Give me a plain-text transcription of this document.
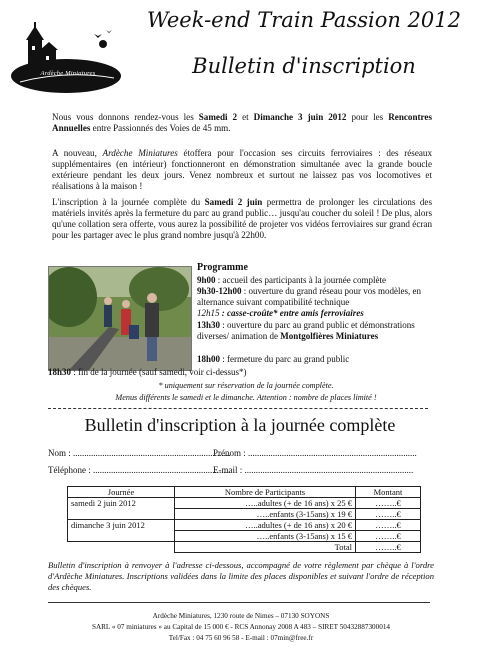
Ardèche Miniatures
Week-end Train Passion 2012
Bulletin d'inscription
Nous vous donnons rendez-vous les Samedi 2 et Dimanche 3 juin 2012 pour les Rencontres Annuelles entre Passionnés des Voies de 45 mm.
A nouveau, Ardèche Miniatures étoffera pour l'occasion ses circuits ferroviaires : des réseaux supplémentaires (en intérieur) fonctionneront en démonstration simultanée avec la grande boucle extérieure pendant les deux jours. Venez nombreux et surtout ne laissez pas vos locomotives et réalisations à la maison !
L'inscription à la journée complète du Samedi 2 juin permettra de prolonger les circulations des matériels invités après la fermeture du parc au grand public… jusqu'au coucher du soleil ! De plus, alors qu'une collation sera offerte, vous aurez la possibilité de projeter vos vidéos ferroviaires sur grand écran pour les partager avec le plus grand nombre jusqu'à 22h00.
Programme
9h00 : accueil des participants à la journée complète
9h30-12h00 : ouverture du grand réseau pour vos modèles, en alternance suivant compatibilité technique
12h15 : casse-croûte* entre amis ferroviaires
13h30 : ouverture du parc au grand public et démonstrations diverses/ animation de Montgolfières Miniatures
18h00 : fermeture du parc au grand public
18h30 : fin de la journée (sauf samedi, voir ci-dessus*)
* uniquement sur réservation de la journée complète.
Menus différents le samedi et le dimanche. Attention : nombre de places limité !
Bulletin d'inscription à la journée complète
Nom : ......................................................................
Prénom : ...........................................................................
Téléphone : .............................................................
E-mail : ...........................................................................
Journée	Nombre de Participants	Montant
samedi 2 juin 2012	…..adultes (+ de 16 ans) x 25 €	……..€
	…..enfants (3-15ans) x 19 €	……..€
dimanche 3 juin 2012	…..adultes (+ de 16 ans) x 20 €	……..€
	…..enfants (3-15ans) x 15 €	……..€
	Total	……..€
Bulletin d'inscription à renvoyer à l'adresse ci-dessous, accompagné de votre règlement par chèque à l'ordre d'Ardèche Miniatures. Inscriptions validées dans la limite des places disponibles et suivant l'ordre de réception des chèques.
Ardèche Miniatures, 1230 route de Nimes – 07130 SOYONS
SARL « 07 miniatures » au Capital de 15 000 € - RCS Annonay 2008 A 483 – SIRET 50432887300014
Tel/Fax : 04 75 60 96 58 - E-mail : 07min@free.fr
